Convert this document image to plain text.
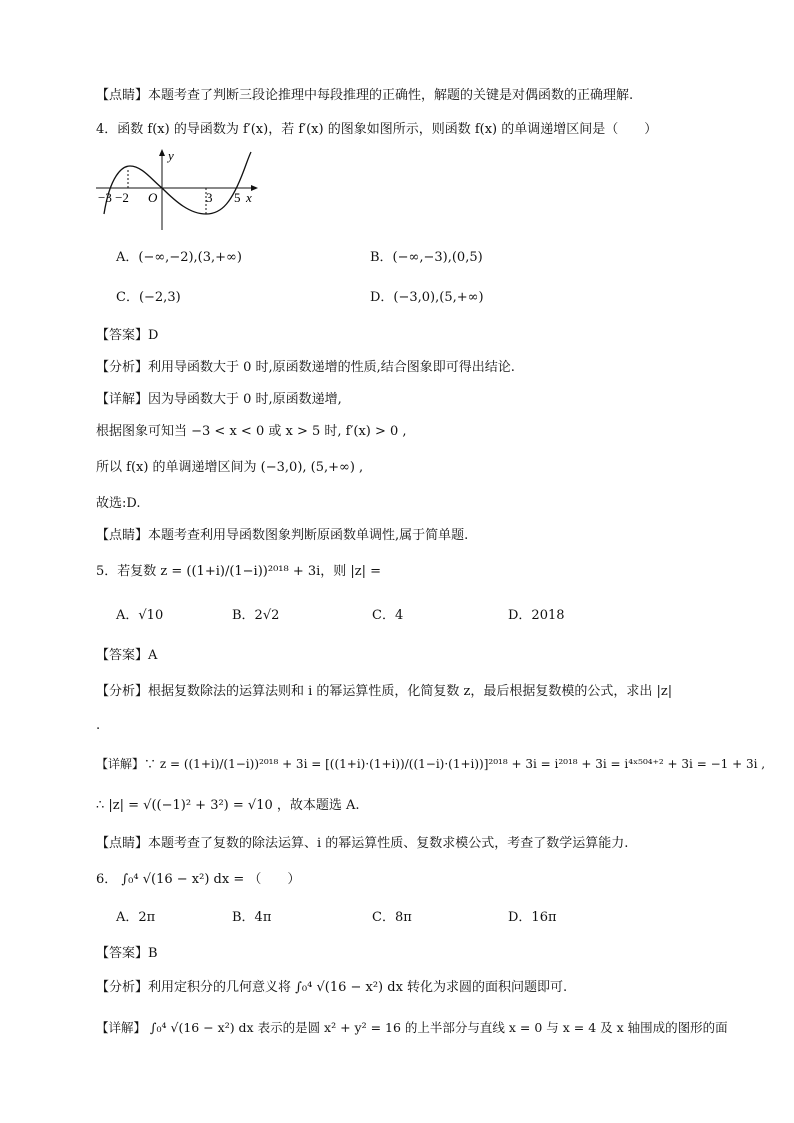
【点睛】本题考查了判断三段论推理中每段推理的正确性，解题的关键是对偶函数的正确理解.
4．函数 f(x) 的导函数为 f′(x)，若 f′(x) 的图象如图所示，则函数 f(x) 的单调递增区间是（　　）
y
x
O
−3 −2	3 5
A．(−∞,−2),(3,+∞)	B．(−∞,−3),(0,5)
C．(−2,3)	D．(−3,0),(5,+∞)
【答案】D
【分析】利用导函数大于 0 时,原函数递增的性质,结合图象即可得出结论.
【详解】因为导函数大于 0 时,原函数递增,
根据图象可知当 −3 < x < 0 或 x > 5 时, f′(x) > 0 ,
所以 f(x) 的单调递增区间为 (−3,0), (5,+∞) ,
故选:D.
【点睛】本题考查利用导函数图象判断原函数单调性,属于简单题.
5．若复数 z = ((1+i)/(1−i))²⁰¹⁸ + 3i，则 |z| =
A．√10	B．2√2	C．4	D．2018
【答案】A
【分析】根据复数除法的运算法则和 i 的幂运算性质，化简复数 z，最后根据复数模的公式，求出 |z|
.
【详解】∵ z = ((1+i)/(1−i))²⁰¹⁸ + 3i = [((1+i)·(1+i))/((1−i)·(1+i))]²⁰¹⁸ + 3i = i²⁰¹⁸ + 3i = i⁴ˣ⁵⁰⁴⁺² + 3i = −1 + 3i ,
∴ |z| = √((−1)² + 3²) = √10 ，故本题选 A.
【点睛】本题考查了复数的除法运算、i 的幂运算性质、复数求模公式，考查了数学运算能力.
6． ∫₀⁴ √(16 − x²) dx = （　　）
A．2π	B．4π	C．8π	D．16π
【答案】B
【分析】利用定积分的几何意义将 ∫₀⁴ √(16 − x²) dx 转化为求圆的面积问题即可.
【详解】 ∫₀⁴ √(16 − x²) dx 表示的是圆 x² + y² = 16 的上半部分与直线 x = 0 与 x = 4 及 x 轴围成的图形的面
